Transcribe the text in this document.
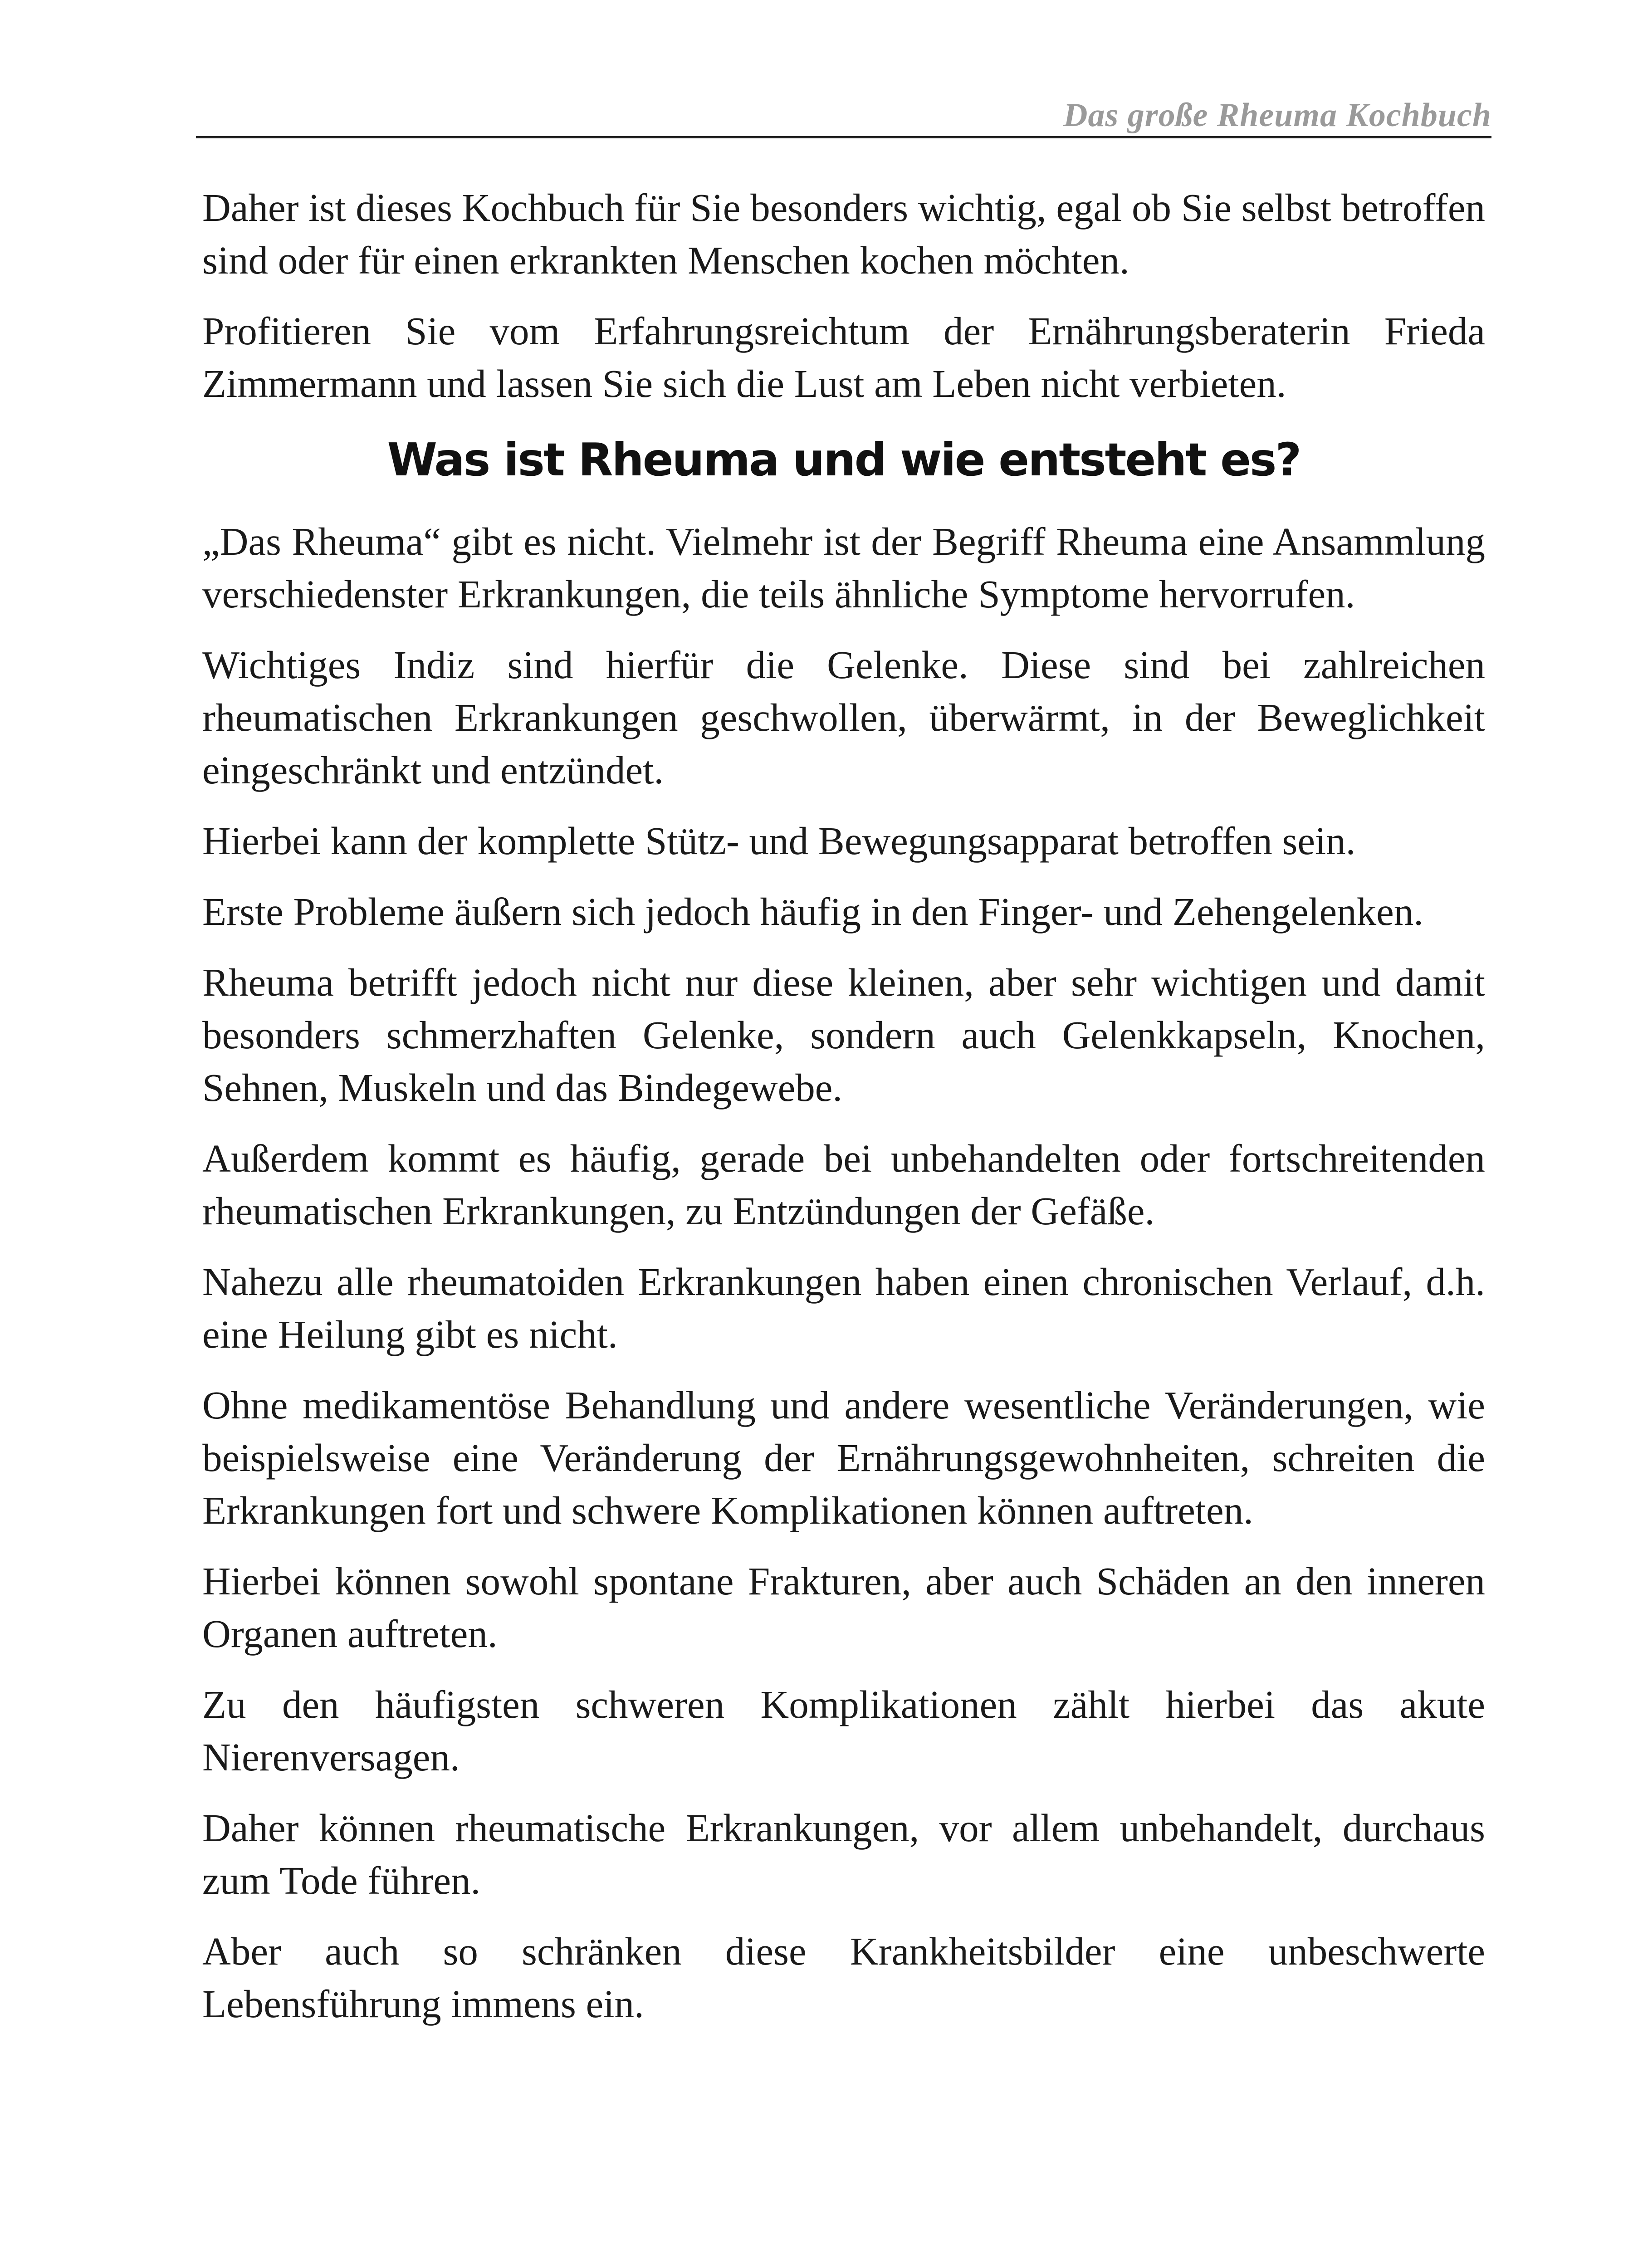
Das große Rheuma Kochbuch

Daher ist dieses Kochbuch für Sie besonders wichtig, egal ob Sie selbst betroffen sind oder für einen erkrankten Menschen kochen möchten.

Profitieren Sie vom Erfahrungsreichtum der Ernährungsberaterin Frieda Zimmermann und lassen Sie sich die Lust am Leben nicht verbieten.

Was ist Rheuma und wie entsteht es?

„Das Rheuma“ gibt es nicht. Vielmehr ist der Begriff Rheuma eine Ansammlung verschiedenster Erkrankungen, die teils ähnliche Symptome hervorrufen.

Wichtiges Indiz sind hierfür die Gelenke. Diese sind bei zahlreichen rheumatischen Erkrankungen geschwollen, überwärmt, in der Beweglichkeit eingeschränkt und entzündet.

Hierbei kann der komplette Stütz- und Bewegungsapparat betroffen sein.

Erste Probleme äußern sich jedoch häufig in den Finger- und Zehengelenken.

Rheuma betrifft jedoch nicht nur diese kleinen, aber sehr wichtigen und damit besonders schmerzhaften Gelenke, sondern auch Gelenkkapseln, Knochen, Sehnen, Muskeln und das Bindegewebe.

Außerdem kommt es häufig, gerade bei unbehandelten oder fortschreitenden rheumatischen Erkrankungen, zu Entzündungen der Gefäße.

Nahezu alle rheumatoiden Erkrankungen haben einen chronischen Verlauf, d.h. eine Heilung gibt es nicht.

Ohne medikamentöse Behandlung und andere wesentliche Veränderungen, wie beispielsweise eine Veränderung der Ernährungsgewohnheiten, schreiten die Erkrankungen fort und schwere Komplikationen können auftreten.

Hierbei können sowohl spontane Frakturen, aber auch Schäden an den inneren Organen auftreten.

Zu den häufigsten schweren Komplikationen zählt hierbei das akute Nierenversagen.

Daher können rheumatische Erkrankungen, vor allem unbehandelt, durchaus zum Tode führen.

Aber auch so schränken diese Krankheitsbilder eine unbeschwerte Lebensführung immens ein.
